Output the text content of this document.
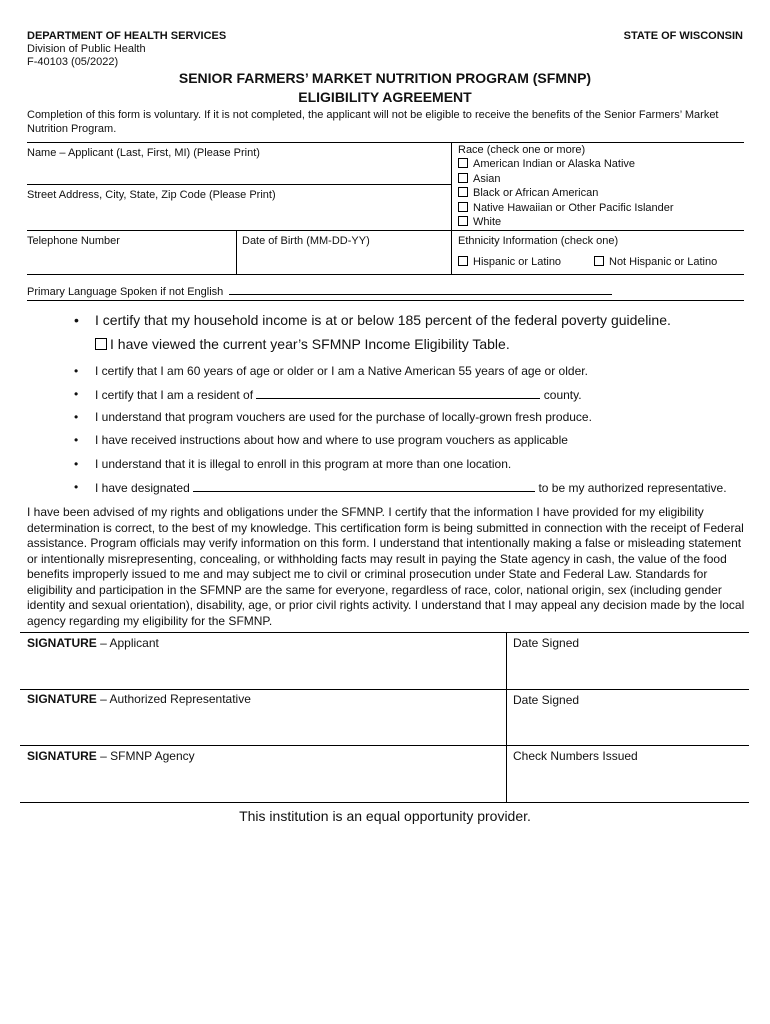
DEPARTMENT OF HEALTH SERVICES
Division of Public Health
F-40103 (05/2022)
STATE OF WISCONSIN
SENIOR FARMERS’ MARKET NUTRITION PROGRAM (SFMNP)
ELIGIBILITY AGREEMENT
Completion of this form is voluntary. If it is not completed, the applicant will not be eligible to receive the benefits of the Senior Farmers’ Market Nutrition Program.
Name – Applicant (Last, First, MI) (Please Print)
Street Address, City, State, Zip Code (Please Print)
Telephone Number	Date of Birth (MM-DD-YY)
Race (check one or more)
American Indian or Alaska Native
Asian
Black or African American
Native Hawaiian or Other Pacific Islander
White
Ethnicity Information (check one)
Hispanic or Latino	Not Hispanic or Latino
Primary Language Spoken if not English
• I certify that my household income is at or below 185 percent of the federal poverty guideline.
I have viewed the current year’s SFMNP Income Eligibility Table.
• I certify that I am 60 years of age or older or I am a Native American 55 years of age or older.
• I certify that I am a resident of	county.
• I understand that program vouchers are used for the purchase of locally-grown fresh produce.
• I have received instructions about how and where to use program vouchers as applicable
• I understand that it is illegal to enroll in this program at more than one location.
• I have designated	to be my authorized representative.
I have been advised of my rights and obligations under the SFMNP. I certify that the information I have provided for my eligibility determination is correct, to the best of my knowledge. This certification form is being submitted in connection with the receipt of Federal assistance. Program officials may verify information on this form. I understand that intentionally making a false or misleading statement or intentionally misrepresenting, concealing, or withholding facts may result in paying the State agency in cash, the value of the food benefits improperly issued to me and may subject me to civil or criminal prosecution under State and Federal Law. Standards for eligibility and participation in the SFMNP are the same for everyone, regardless of race, color, national origin, sex (including gender identity and sexual orientation), disability, age, or prior civil rights activity. I understand that I may appeal any decision made by the local agency regarding my eligibility for the SFMNP.
SIGNATURE – Applicant	Date Signed
SIGNATURE – Authorized Representative	Date Signed
SIGNATURE – SFMNP Agency	Check Numbers Issued
This institution is an equal opportunity provider.
